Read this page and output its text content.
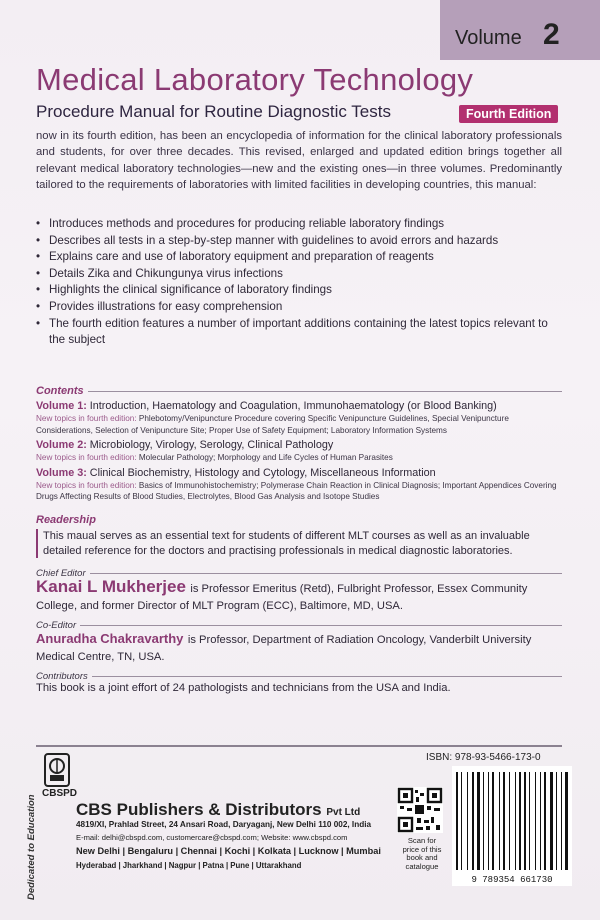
Volume 2
Medical Laboratory Technology
Procedure Manual for Routine Diagnostic Tests	Fourth Edition
now in its fourth edition, has been an encyclopedia of information for the clinical laboratory professionals and students, for over three decades. This revised, enlarged and updated edition brings together all relevant medical laboratory technologies—new and the existing ones—in three volumes. Predominantly tailored to the requirements of laboratories with limited facilities in developing countries, this manual:
• Introduces methods and procedures for producing reliable laboratory findings
• Describes all tests in a step-by-step manner with guidelines to avoid errors and hazards
• Explains care and use of laboratory equipment and preparation of reagents
• Details Zika and Chikungunya virus infections
• Highlights the clinical significance of laboratory findings
• Provides illustrations for easy comprehension
• The fourth edition features a number of important additions containing the latest topics relevant to the subject
Contents
Volume 1: Introduction, Haematology and Coagulation, Immunohaematology (or Blood Banking)
New topics in fourth edition: Phlebotomy/Venipuncture Procedure covering Specific Venipuncture Guidelines, Special Venipuncture Considerations, Selection of Venipuncture Site; Proper Use of Safety Equipment; Laboratory Information Systems
Volume 2: Microbiology, Virology, Serology, Clinical Pathology
New topics in fourth edition: Molecular Pathology; Morphology and Life Cycles of Human Parasites
Volume 3: Clinical Biochemistry, Histology and Cytology, Miscellaneous Information
New topics in fourth edition: Basics of Immunohistochemistry; Polymerase Chain Reaction in Clinical Diagnosis; Important Appendices Covering Drugs Affecting Results of Blood Studies, Electrolytes, Blood Gas Analysis and Isotope Studies
Readership
This maual serves as an essential text for students of different MLT courses as well as an invaluable detailed reference for the doctors and practising professionals in medical diagnostic laboratories.
Chief Editor
Kanai L Mukherjee is Professor Emeritus (Retd), Fulbright Professor, Essex Community College, and former Director of MLT Program (ECC), Baltimore, MD, USA.
Co-Editor
Anuradha Chakravarthy is Professor, Department of Radiation Oncology, Vanderbilt University Medical Centre, TN, USA.
Contributors
This book is a joint effort of 24 pathologists and technicians from the USA and India.
Dedicated to Education
CBSPD
CBS Publishers & Distributors Pvt Ltd
4819/XI, Prahlad Street, 24 Ansari Road, Daryaganj, New Delhi 110 002, India
E-mail: delhi@cbspd.com, customercare@cbspd.com; Website: www.cbspd.com
New Delhi | Bengaluru | Chennai | Kochi | Kolkata | Lucknow | Mumbai
Hyderabad | Jharkhand | Nagpur | Patna | Pune | Uttarakhand
Scan for price of this book and catalogue
ISBN: 978-93-5466-173-0
9 789354 661730
